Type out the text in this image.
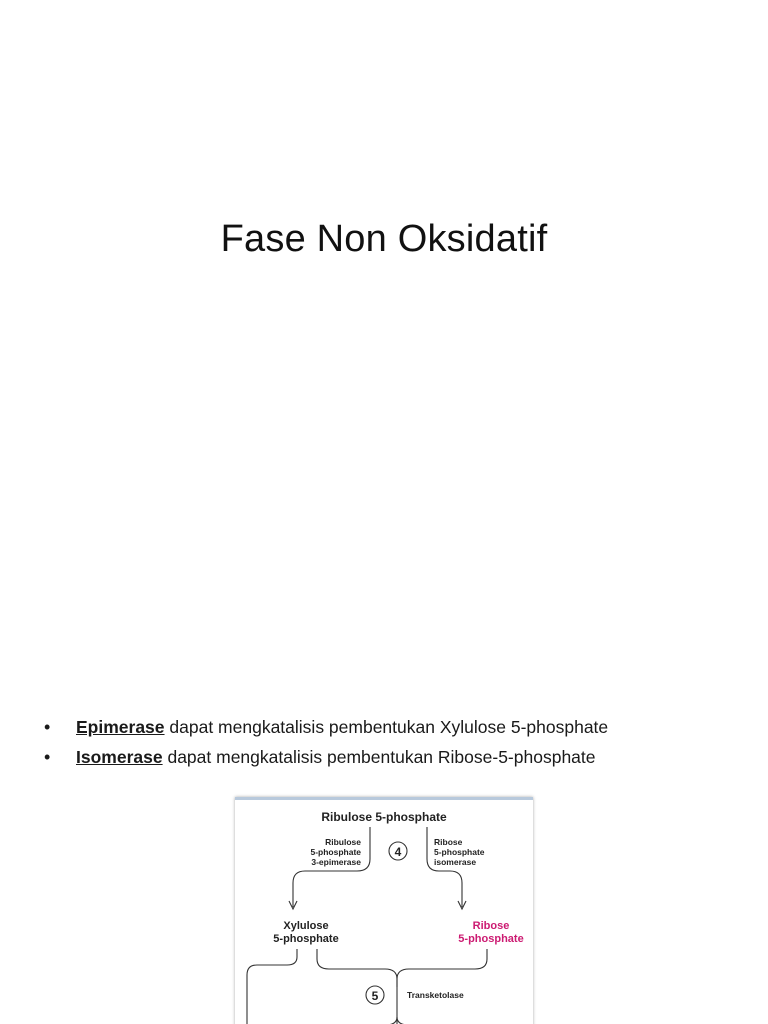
Fase Non Oksidatif
• Epimerase dapat mengkatalisis pembentukan Xylulose 5-phosphate
• Isomerase dapat mengkatalisis pembentukan Ribose-5-phosphate
Ribulose 5-phosphate
Ribulose
5-phosphate
3-epimerase
4
Ribose
5-phosphate
isomerase
Xylulose
5-phosphate
Ribose
5-phosphate
5	Transketolase
